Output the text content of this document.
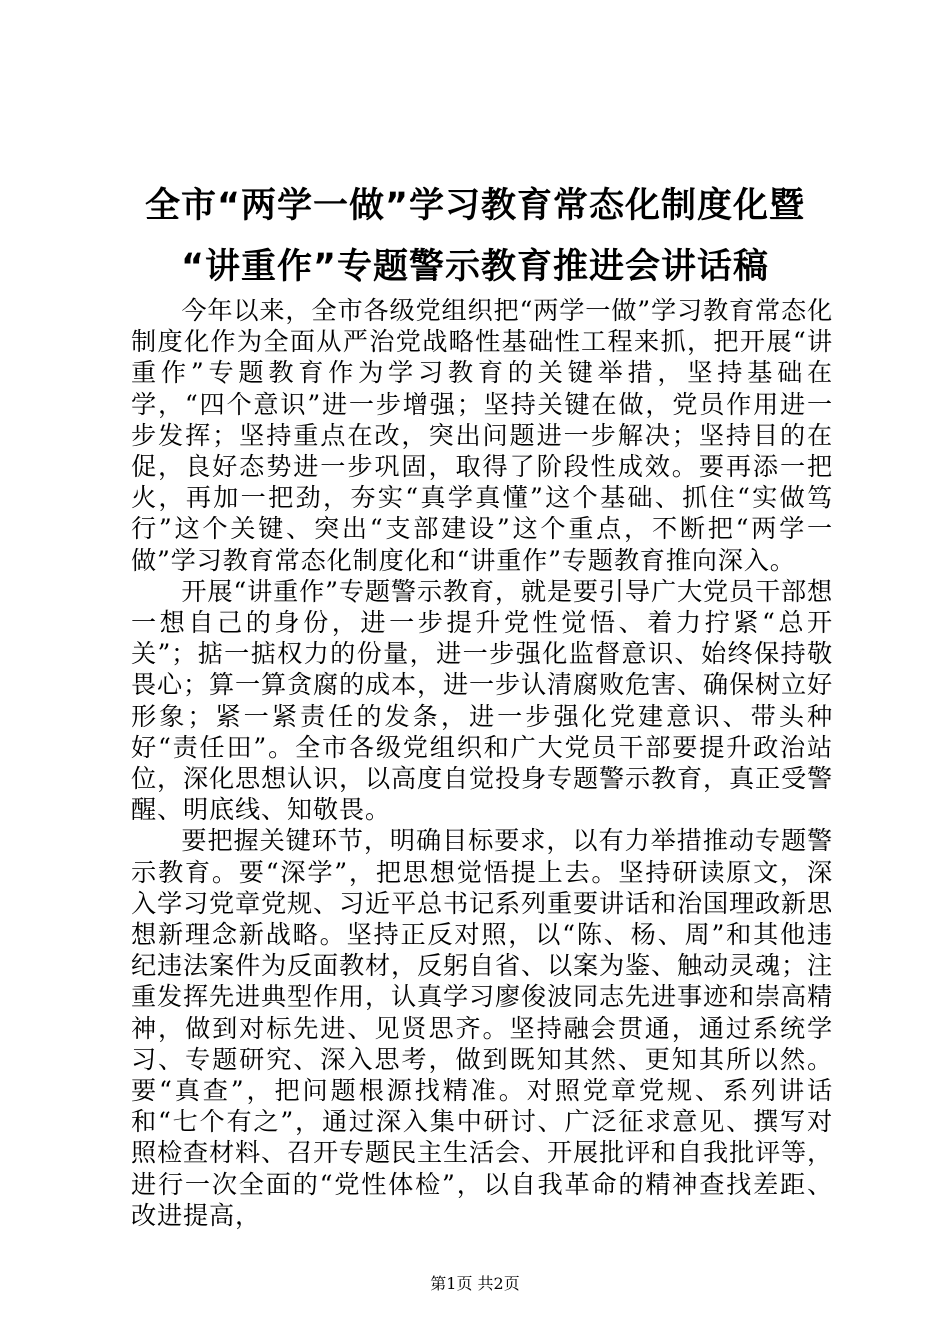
全市“两学一做”学习教育常态化制度化暨
“讲重作”专题警示教育推进会讲话稿

今年以来，全市各级党组织把“两学一做”学习教育常态化制度化作为全面从严治党战略性基础性工程来抓，把开展“讲重作”专题教育作为学习教育的关键举措，坚持基础在学，“四个意识”进一步增强；坚持关键在做，党员作用进一步发挥；坚持重点在改，突出问题进一步解决；坚持目的在促，良好态势进一步巩固，取得了阶段性成效。要再添一把火，再加一把劲，夯实“真学真懂”这个基础、抓住“实做笃行”这个关键、突出“支部建设”这个重点，不断把“两学一做”学习教育常态化制度化和“讲重作”专题教育推向深入。

开展“讲重作”专题警示教育，就是要引导广大党员干部想一想自己的身份，进一步提升党性觉悟、着力拧紧“总开关”；掂一掂权力的份量，进一步强化监督意识、始终保持敬畏心；算一算贪腐的成本，进一步认清腐败危害、确保树立好形象；紧一紧责任的发条，进一步强化党建意识、带头种好“责任田”。全市各级党组织和广大党员干部要提升政治站位，深化思想认识，以高度自觉投身专题警示教育，真正受警醒、明底线、知敬畏。

要把握关键环节，明确目标要求，以有力举措推动专题警示教育。要“深学”，把思想觉悟提上去。坚持研读原文，深入学习党章党规、习近平总书记系列重要讲话和治国理政新思想新理念新战略。坚持正反对照，以“陈、杨、周”和其他违纪违法案件为反面教材，反躬自省、以案为鉴、触动灵魂；注重发挥先进典型作用，认真学习廖俊波同志先进事迹和崇高精神，做到对标先进、见贤思齐。坚持融会贯通，通过系统学习、专题研究、深入思考，做到既知其然、更知其所以然。要“真查”，把问题根源找精准。对照党章党规、系列讲话和“七个有之”，通过深入集中研讨、广泛征求意见、撰写对照检查材料、召开专题民主生活会、开展批评和自我批评等，进行一次全面的“党性体检”，以自我革命的精神查找差距、改进提高，

第1页 共2页
